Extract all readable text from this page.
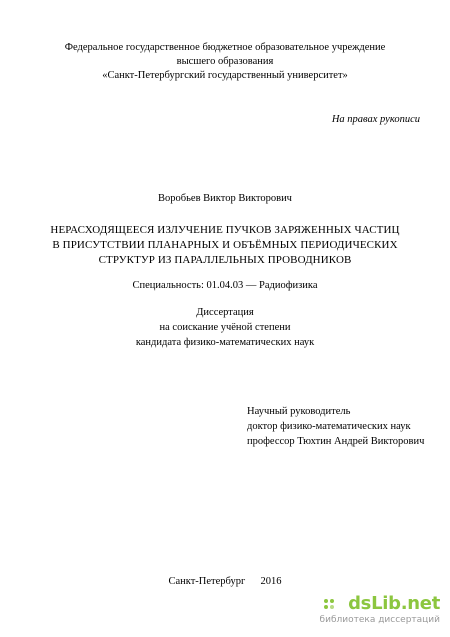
Федеральное государственное бюджетное образовательное учреждение
высшего образования
«Санкт-Петербургский государственный университет»
На правах рукописи
Воробьев Виктор Викторович
НЕРАСХОДЯЩЕЕСЯ ИЗЛУЧЕНИЕ ПУЧКОВ ЗАРЯЖЕННЫХ ЧАСТИЦ
В ПРИСУТСТВИИ ПЛАНАРНЫХ И ОБЪЁМНЫХ ПЕРИОДИЧЕСКИХ
СТРУКТУР ИЗ ПАРАЛЛЕЛЬНЫХ ПРОВОДНИКОВ
Специальность: 01.04.03 — Радиофизика
Диссертация
на соискание учёной степени
кандидата физико-математических наук
Научный руководитель
доктор физико-математических наук
профессор Тюхтин Андрей Викторович
Санкт-Петербург 2016
dsLib.net
библиотека диссертаций
